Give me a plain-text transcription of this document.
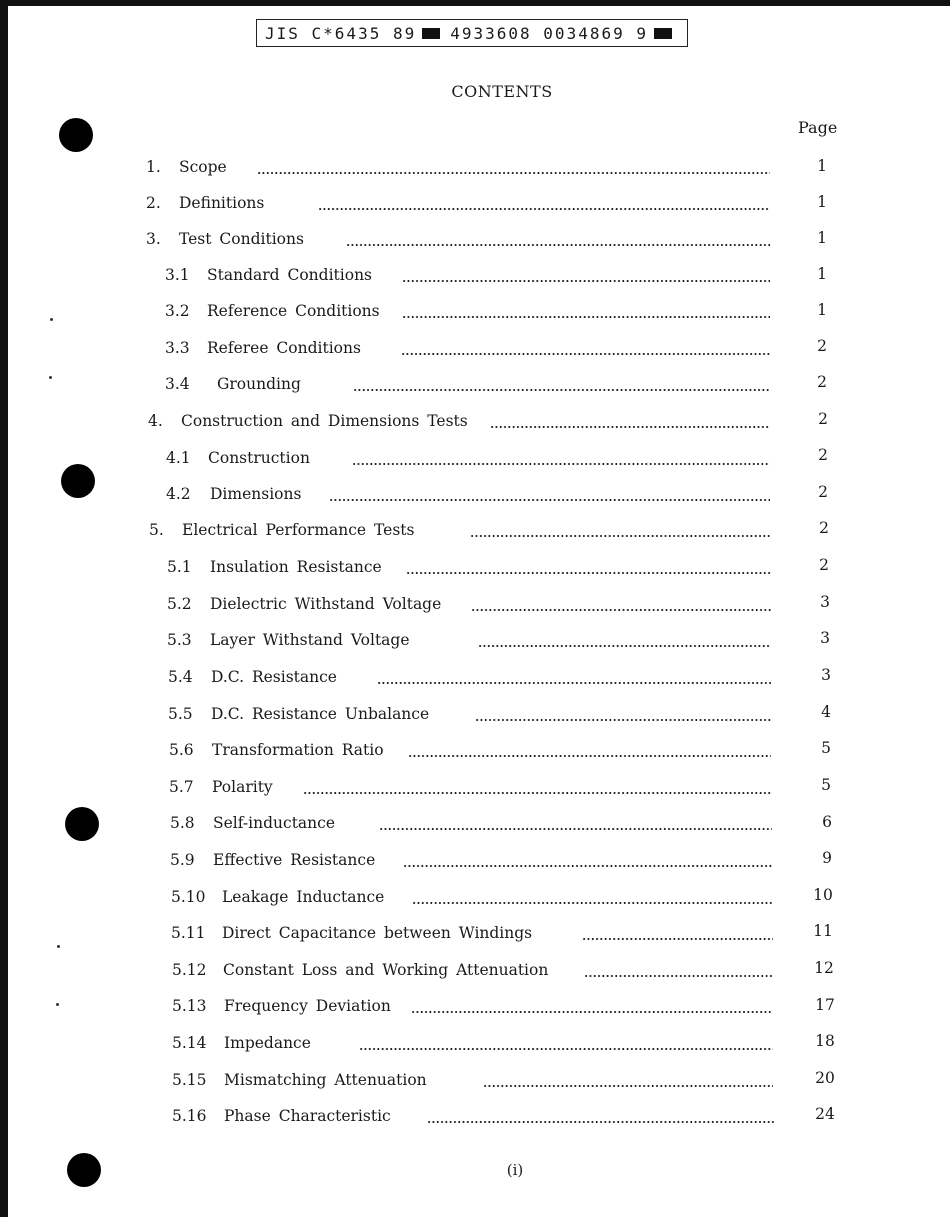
JIS C*6435 89 4933608 0034869 9
CONTENTS
Page
1.	Scope	1
2.	Definitions	1
3.	Test Conditions	1
3.1	Standard Conditions	1
3.2	Reference Conditions	1
3.3	Referee Conditions	2
3.4	Grounding	2
4.	Construction and Dimensions Tests	2
4.1	Construction	2
4.2	Dimensions	2
5.	Electrical Performance Tests	2
5.1	Insulation Resistance	2
5.2	Dielectric Withstand Voltage	3
5.3	Layer Withstand Voltage	3
5.4	D.C. Resistance	3
5.5	D.C. Resistance Unbalance	4
5.6	Transformation Ratio	5
5.7	Polarity	5
5.8	Self-inductance	6
5.9	Effective Resistance	9
5.10	Leakage Inductance	10
5.11	Direct Capacitance between Windings	11
5.12	Constant Loss and Working Attenuation	12
5.13	Frequency Deviation	17
5.14	Impedance	18
5.15	Mismatching Attenuation	20
5.16	Phase Characteristic	24
(i)
